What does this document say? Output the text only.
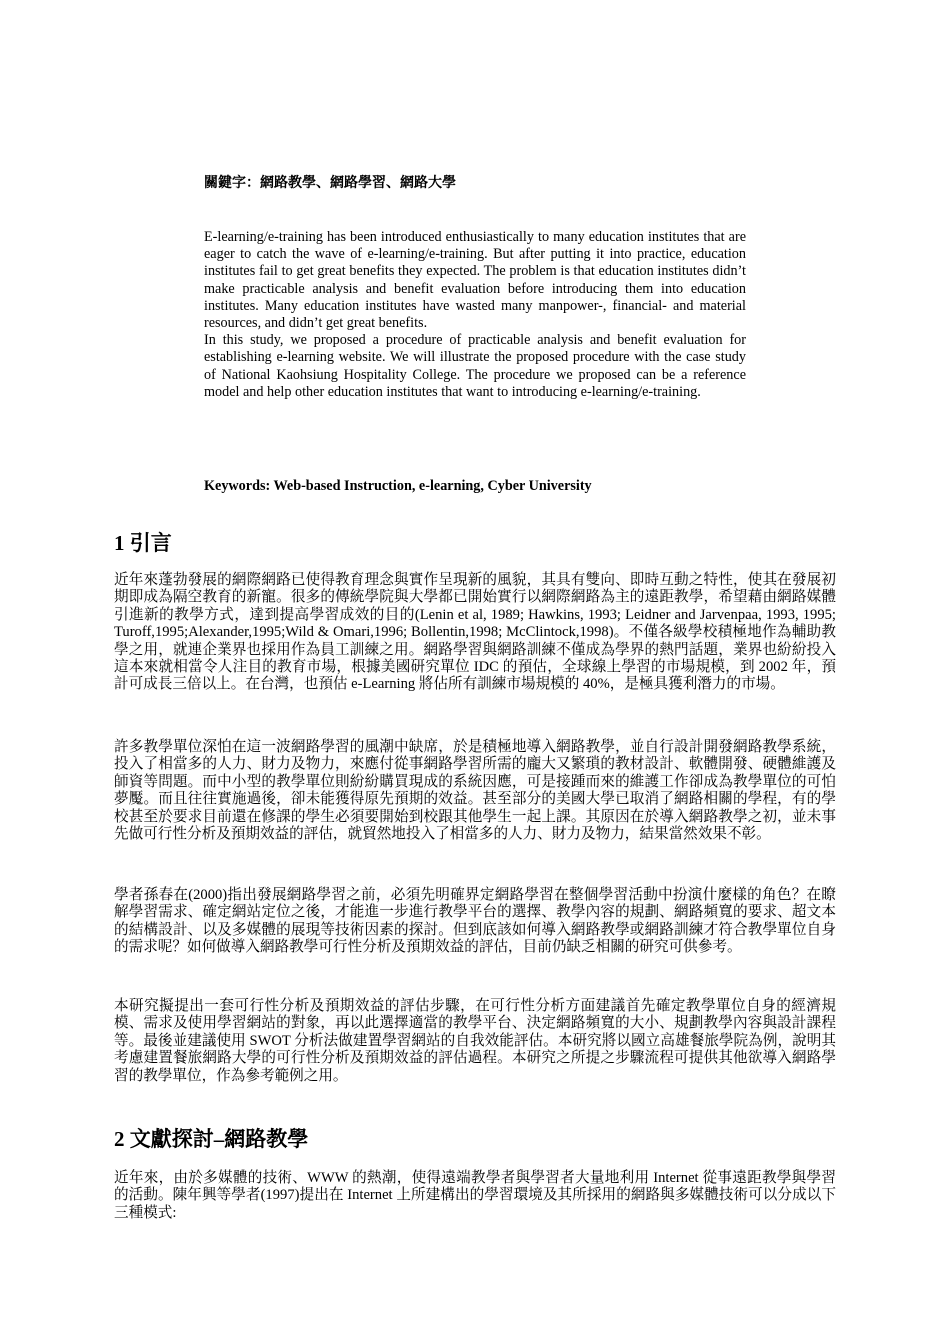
關鍵字：網路教學、網路學習、網路大學

E-learning/e-training has been introduced enthusiastically to many education institutes that are eager to catch the wave of e-learning/e-training. But after putting it into practice, education institutes fail to get great benefits they expected. The problem is that education institutes didn’t make practicable analysis and benefit evaluation before introducing them into education institutes. Many education institutes have wasted many manpower-, financial- and material resources, and didn’t get great benefits.

In this study, we proposed a procedure of practicable analysis and benefit evaluation for establishing e-learning website. We will illustrate the proposed procedure with the case study of National Kaohsiung Hospitality College. The procedure we proposed can be a reference model and help other education institutes that want to introducing e-learning/e-training.

Keywords: Web-based Instruction, e-learning, Cyber University
1 引言

近年來蓬勃發展的網際網路已使得教育理念與實作呈現新的風貌，其具有雙向、即時互動之特性，使其在發展初期即成為隔空教育的新寵。很多的傳統學院與大學都已開始實行以網際網路為主的遠距教學，希望藉由網路媒體引進新的教學方式，達到提高學習成效的目的(Lenin et al, 1989; Hawkins, 1993; Leidner and Jarvenpaa, 1993, 1995; Turoff,1995;Alexander,1995;Wild & Omari,1996; Bollentin,1998; McClintock,1998)。不僅各級學校積極地作為輔助教學之用，就連企業界也採用作為員工訓練之用。網路學習與網路訓練不僅成為學界的熱門話題，業界也紛紛投入這本來就相當令人注目的教育市場，根據美國研究單位 IDC 的預估，全球線上學習的市場規模，到 2002 年，預計可成長三倍以上。在台灣，也預估 e-Learning 將佔所有訓練市場規模的 40%，是極具獲利潛力的市場。

許多教學單位深怕在這一波網路學習的風潮中缺席，於是積極地導入網路教學，並自行設計開發網路教學系統，投入了相當多的人力、財力及物力，來應付從事網路學習所需的龐大又繁瑣的教材設計、軟體開發、硬體維護及師資等問題。而中小型的教學單位則紛紛購買現成的系統因應，可是接踵而來的維護工作卻成為教學單位的可怕夢魘。而且往往實施過後，卻未能獲得原先預期的效益。甚至部分的美國大學已取消了網路相關的學程，有的學校甚至於要求目前還在修課的學生必須要開始到校跟其他學生一起上課。其原因在於導入網路教學之初，並未事先做可行性分析及預期效益的評估，就貿然地投入了相當多的人力、財力及物力，結果當然效果不彰。

學者孫春在(2000)指出發展網路學習之前，必須先明確界定網路學習在整個學習活動中扮演什麼樣的角色？在瞭解學習需求、確定網站定位之後，才能進一步進行教學平台的選擇、教學內容的規劃、網路頻寬的要求、超文本的結構設計、以及多媒體的展現等技術因素的探討。但到底該如何導入網路教學或網路訓練才符合教學單位自身的需求呢？如何做導入網路教學可行性分析及預期效益的評估，目前仍缺乏相關的研究可供參考。

本研究擬提出一套可行性分析及預期效益的評估步驟，在可行性分析方面建議首先確定教學單位自身的經濟規模、需求及使用學習網站的對象，再以此選擇適當的教學平台、決定網路頻寬的大小、規劃教學內容與設計課程等。最後並建議使用 SWOT 分析法做建置學習網站的自我效能評估。本研究將以國立高雄餐旅學院為例，說明其考慮建置餐旅網路大學的可行性分析及預期效益的評估過程。本研究之所提之步驟流程可提供其他欲導入網路學習的教學單位，作為參考範例之用。

2 文獻探討–網路教學

近年來，由於多媒體的技術、WWW 的熱潮，使得遠端教學者與學習者大量地利用 Internet 從事遠距教學與學習的活動。陳年興等學者(1997)提出在 Internet 上所建構出的學習環境及其所採用的網路與多媒體技術可以分成以下三種模式:
